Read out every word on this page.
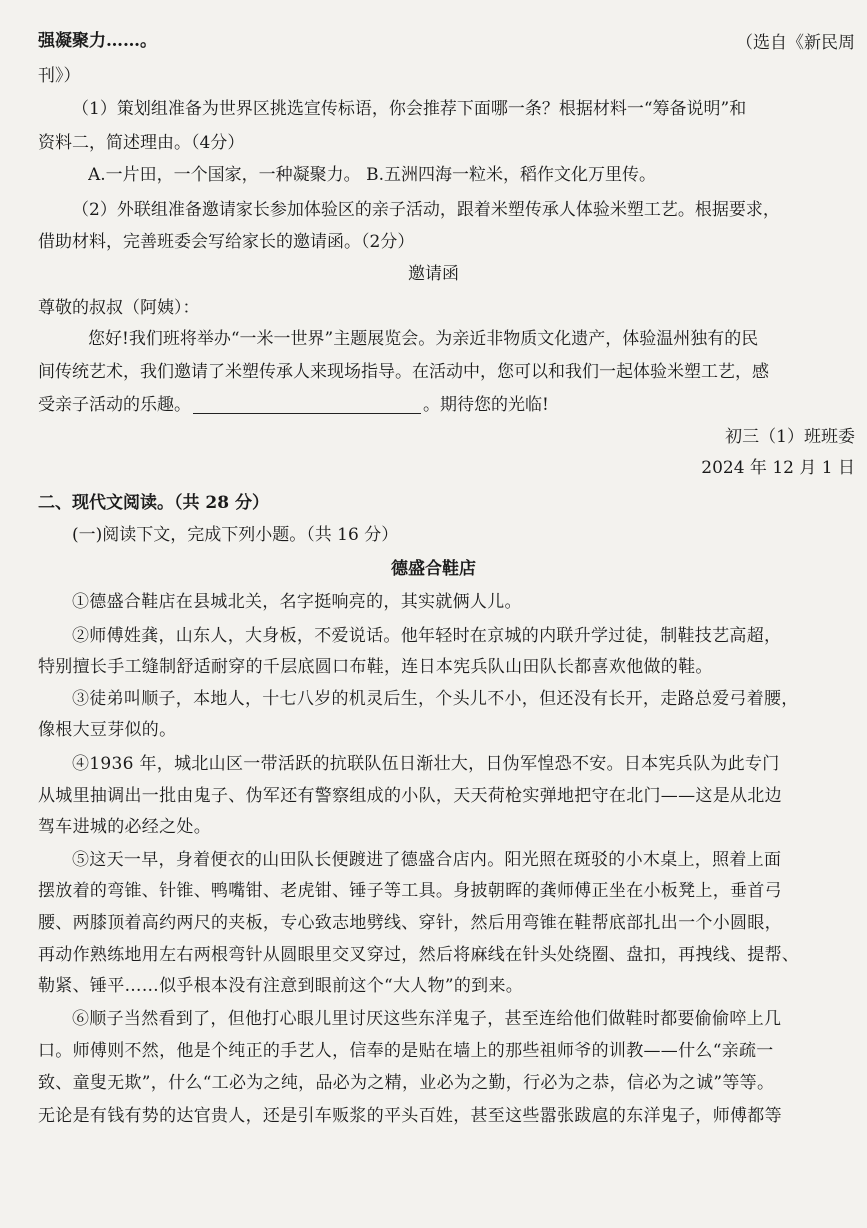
强凝聚力……。	（选自《新民周
刊》）
（1）策划组准备为世界区挑选宣传标语，你会推荐下面哪一条？根据材料一“筹备说明”和
资料二，简述理由。（4分）
A.一片田，一个国家，一种凝聚力。 B.五洲四海一粒米，稻作文化万里传。
（2）外联组准备邀请家长参加体验区的亲子活动，跟着米塑传承人体验米塑工艺。根据要求，
借助材料，完善班委会写给家长的邀请函。（2分）
邀请函
尊敬的叔叔（阿姨）：
您好!我们班将举办“一米一世界”主题展览会。为亲近非物质文化遗产，体验温州独有的民
间传统艺术，我们邀请了米塑传承人来现场指导。在活动中，您可以和我们一起体验米塑工艺，感
受亲子活动的乐趣。	。期待您的光临!
初三（1）班班委
2024 年 12 月 1 日
二、现代文阅读。（共 28 分）
(一)阅读下文，完成下列小题。（共 16 分）
德盛合鞋店
①德盛合鞋店在县城北关，名字挺响亮的，其实就俩人儿。
②师傅姓龚，山东人，大身板，不爱说话。他年轻时在京城的内联升学过徒，制鞋技艺高超，
特别擅长手工缝制舒适耐穿的千层底圆口布鞋，连日本宪兵队山田队长都喜欢他做的鞋。
③徒弟叫顺子，本地人，十七八岁的机灵后生，个头儿不小，但还没有长开，走路总爱弓着腰，
像根大豆芽似的。
④1936 年，城北山区一带活跃的抗联队伍日渐壮大，日伪军惶恐不安。日本宪兵队为此专门
从城里抽调出一批由鬼子、伪军还有警察组成的小队，天天荷枪实弹地把守在北门——这是从北边
驾车进城的必经之处。
⑤这天一早，身着便衣的山田队长便踱进了德盛合店内。阳光照在斑驳的小木桌上，照着上面
摆放着的弯锥、针锥、鸭嘴钳、老虎钳、锤子等工具。身披朝晖的龚师傅正坐在小板凳上，垂首弓
腰、两膝顶着高约两尺的夹板，专心致志地劈线、穿针，然后用弯锥在鞋帮底部扎出一个小圆眼，
再动作熟练地用左右两根弯针从圆眼里交叉穿过，然后将麻线在针头处绕圈、盘扣，再拽线、提帮、
勒紧、锤平……似乎根本没有注意到眼前这个“大人物”的到来。
⑥顺子当然看到了，但他打心眼儿里讨厌这些东洋鬼子，甚至连给他们做鞋时都要偷偷啐上几
口。师傅则不然，他是个纯正的手艺人，信奉的是贴在墙上的那些祖师爷的训教——什么“亲疏一
致、童叟无欺”，什么“工必为之纯，品必为之精，业必为之勤，行必为之恭，信必为之诚”等等。
无论是有钱有势的达官贵人，还是引车贩浆的平头百姓，甚至这些嚣张跋扈的东洋鬼子，师傅都等
